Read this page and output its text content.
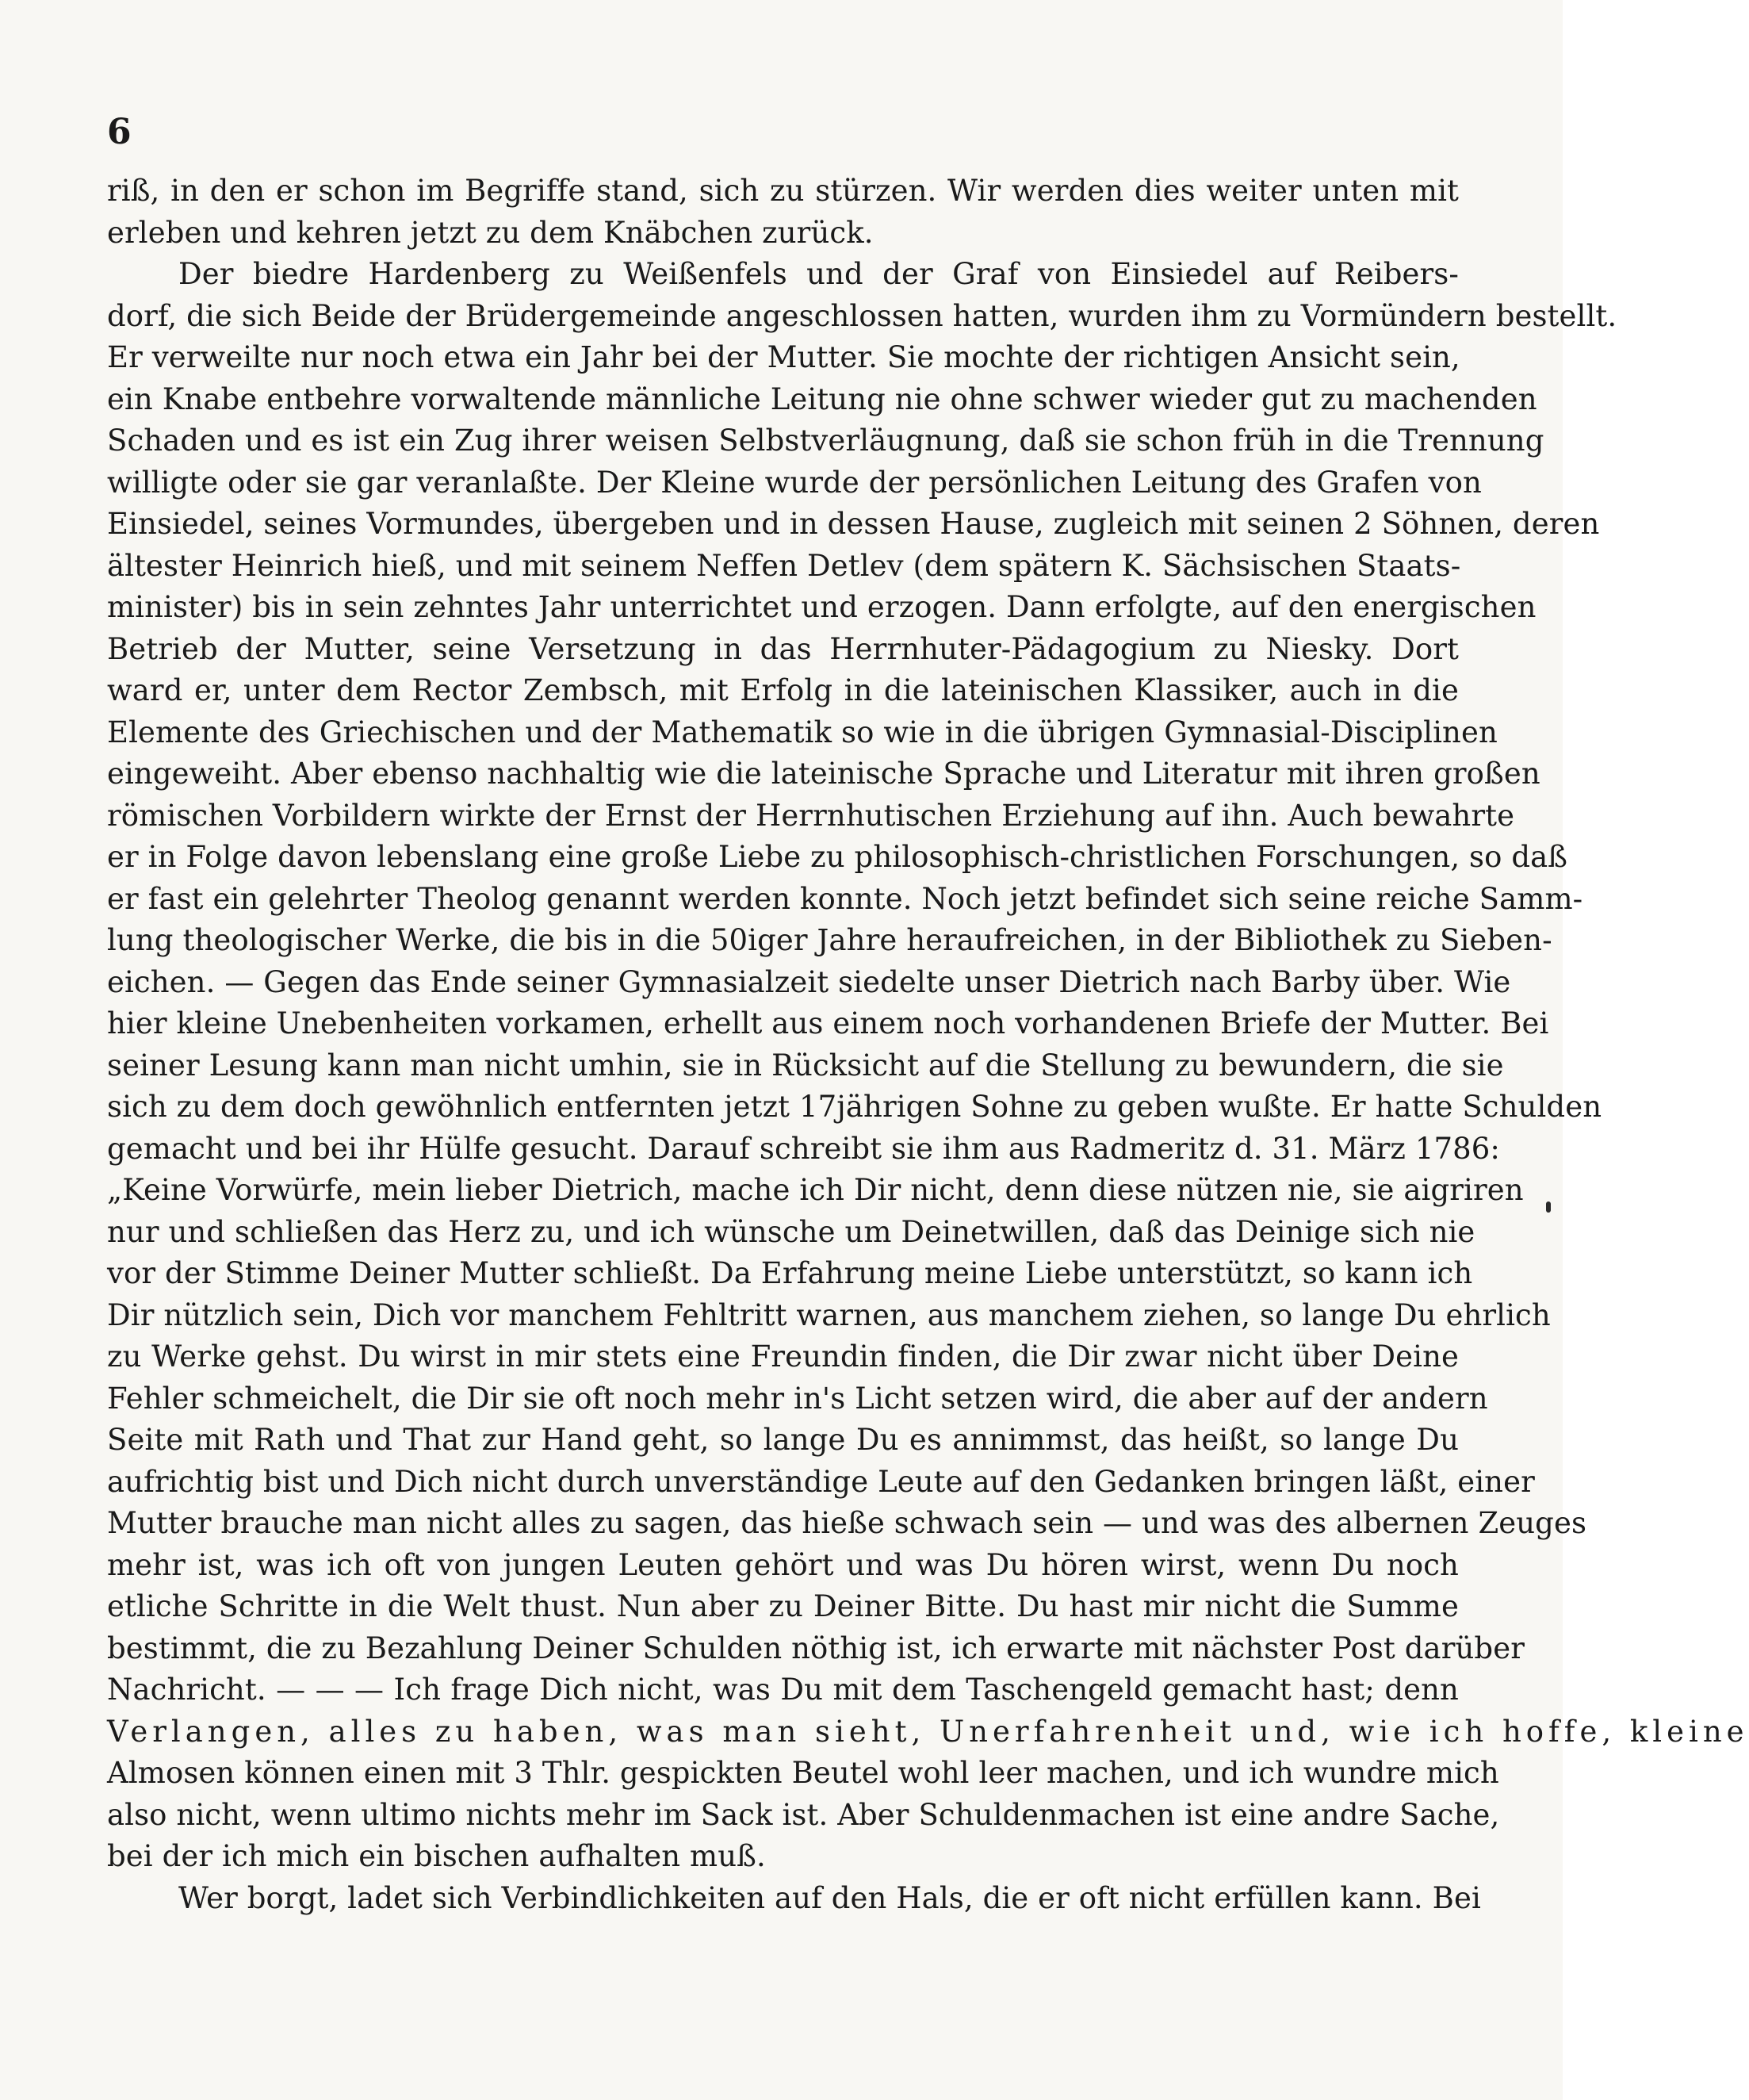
6
riß, in den er schon im Begriffe stand, sich zu stürzen. Wir werden dies weiter unten mit
erleben und kehren jetzt zu dem Knäbchen zurück.
Der biedre Hardenberg zu Weißenfels und der Graf von Einsiedel auf Reibers-
dorf, die sich Beide der Brüdergemeinde angeschlossen hatten, wurden ihm zu Vormündern bestellt.
Er verweilte nur noch etwa ein Jahr bei der Mutter. Sie mochte der richtigen Ansicht sein,
ein Knabe entbehre vorwaltende männliche Leitung nie ohne schwer wieder gut zu machenden
Schaden und es ist ein Zug ihrer weisen Selbstverläugnung, daß sie schon früh in die Trennung
willigte oder sie gar veranlaßte. Der Kleine wurde der persönlichen Leitung des Grafen von
Einsiedel, seines Vormundes, übergeben und in dessen Hause, zugleich mit seinen 2 Söhnen, deren
ältester Heinrich hieß, und mit seinem Neffen Detlev (dem spätern K. Sächsischen Staats-
minister) bis in sein zehntes Jahr unterrichtet und erzogen. Dann erfolgte, auf den energischen
Betrieb der Mutter, seine Versetzung in das Herrnhuter-Pädagogium zu Niesky. Dort
ward er, unter dem Rector Zembsch, mit Erfolg in die lateinischen Klassiker, auch in die
Elemente des Griechischen und der Mathematik so wie in die übrigen Gymnasial-Disciplinen
eingeweiht. Aber ebenso nachhaltig wie die lateinische Sprache und Literatur mit ihren großen
römischen Vorbildern wirkte der Ernst der Herrnhutischen Erziehung auf ihn. Auch bewahrte
er in Folge davon lebenslang eine große Liebe zu philosophisch-christlichen Forschungen, so daß
er fast ein gelehrter Theolog genannt werden konnte. Noch jetzt befindet sich seine reiche Samm-
lung theologischer Werke, die bis in die 50iger Jahre heraufreichen, in der Bibliothek zu Sieben-
eichen. — Gegen das Ende seiner Gymnasialzeit siedelte unser Dietrich nach Barby über. Wie
hier kleine Unebenheiten vorkamen, erhellt aus einem noch vorhandenen Briefe der Mutter. Bei
seiner Lesung kann man nicht umhin, sie in Rücksicht auf die Stellung zu bewundern, die sie
sich zu dem doch gewöhnlich entfernten jetzt 17jährigen Sohne zu geben wußte. Er hatte Schulden
gemacht und bei ihr Hülfe gesucht. Darauf schreibt sie ihm aus Radmeritz d. 31. März 1786:
„Keine Vorwürfe, mein lieber Dietrich, mache ich Dir nicht, denn diese nützen nie, sie aigriren
nur und schließen das Herz zu, und ich wünsche um Deinetwillen, daß das Deinige sich nie
vor der Stimme Deiner Mutter schließt. Da Erfahrung meine Liebe unterstützt, so kann ich
Dir nützlich sein, Dich vor manchem Fehltritt warnen, aus manchem ziehen, so lange Du ehrlich
zu Werke gehst. Du wirst in mir stets eine Freundin finden, die Dir zwar nicht über Deine
Fehler schmeichelt, die Dir sie oft noch mehr in's Licht setzen wird, die aber auf der andern
Seite mit Rath und That zur Hand geht, so lange Du es annimmst, das heißt, so lange Du
aufrichtig bist und Dich nicht durch unverständige Leute auf den Gedanken bringen läßt, einer
Mutter brauche man nicht alles zu sagen, das hieße schwach sein — und was des albernen Zeuges
mehr ist, was ich oft von jungen Leuten gehört und was Du hören wirst, wenn Du noch
etliche Schritte in die Welt thust. Nun aber zu Deiner Bitte. Du hast mir nicht die Summe
bestimmt, die zu Bezahlung Deiner Schulden nöthig ist, ich erwarte mit nächster Post darüber
Nachricht. — — — Ich frage Dich nicht, was Du mit dem Taschengeld gemacht hast; denn
Verlangen, alles zu haben, was man sieht, Unerfahrenheit und, wie ich hoffe, kleine
Almosen können einen mit 3 Thlr. gespickten Beutel wohl leer machen, und ich wundre mich
also nicht, wenn ultimo nichts mehr im Sack ist. Aber Schuldenmachen ist eine andre Sache,
bei der ich mich ein bischen aufhalten muß.
Wer borgt, ladet sich Verbindlichkeiten auf den Hals, die er oft nicht erfüllen kann. Bei
